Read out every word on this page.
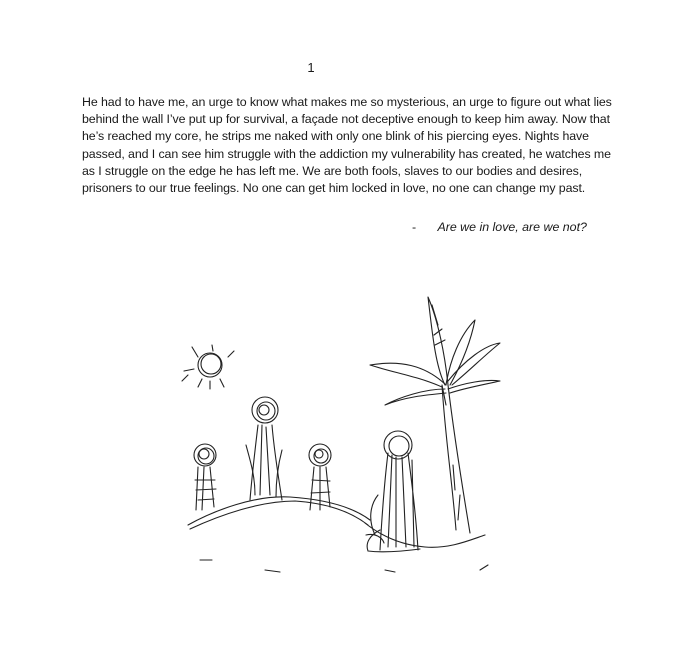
1

He had to have me, an urge to know what makes me so mysterious, an urge to figure out what lies behind the wall I’ve put up for survival, a façade not deceptive enough to keep him away. Now that he’s reached my core, he strips me naked with only one blink of his piercing eyes. Nights have passed, and I can see him struggle with the addiction my vulnerability has created, he watches me as I struggle on the edge he has left me. We are both fools, slaves to our bodies and desires, prisoners to our true feelings. No one can get him locked in love, no one can change my past.

- Are we in love, are we not?
